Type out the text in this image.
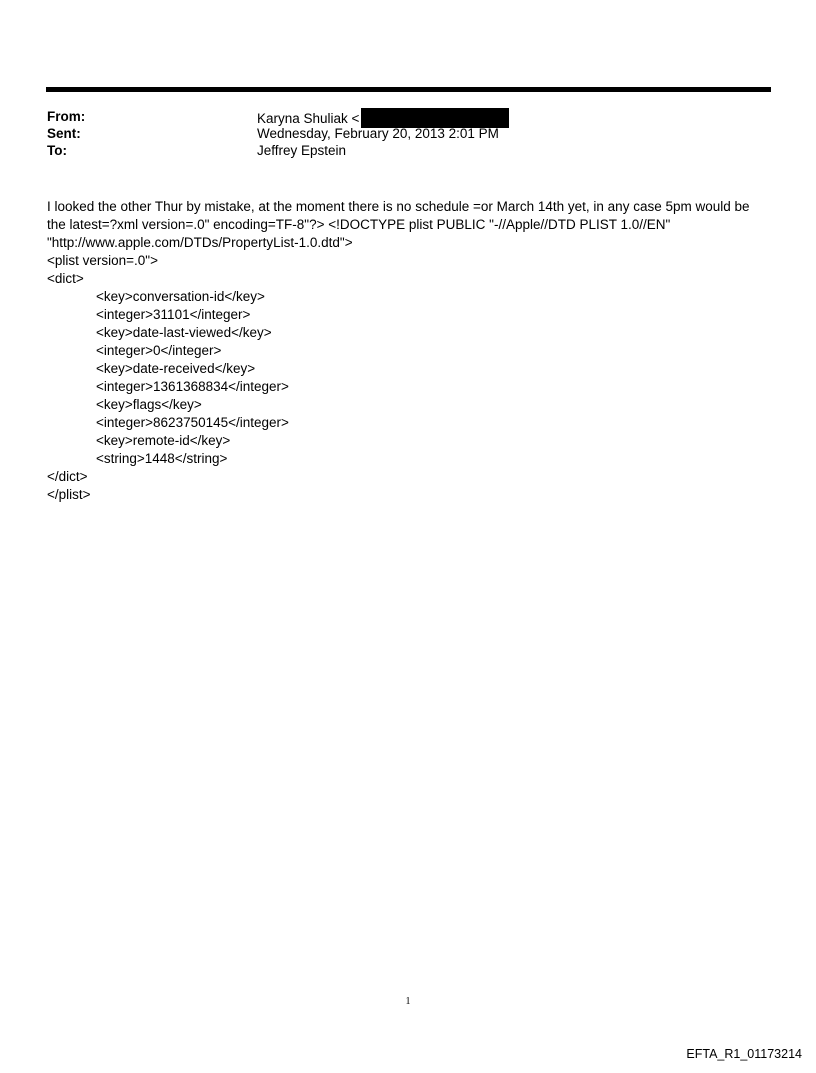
From:	Karyna Shuliak <
Sent:	Wednesday, February 20, 2013 2:01 PM
To:	Jeffrey Epstein
I looked the other Thur by mistake, at the moment there is no schedule =or March 14th yet, in any case 5pm would be
the latest=?xml version=.0" encoding=TF-8"?> <!DOCTYPE plist PUBLIC "-//Apple//DTD PLIST 1.0//EN"
"http://www.apple.com/DTDs/PropertyList-1.0.dtd">
<plist version=.0">
<dict>
<key>conversation-id</key>
<integer>31101</integer>
<key>date-last-viewed</key>
<integer>0</integer>
<key>date-received</key>
<integer>1361368834</integer>
<key>flags</key>
<integer>8623750145</integer>
<key>remote-id</key>
<string>1448</string>
</dict>
</plist>
1
EFTA_R1_01173214
